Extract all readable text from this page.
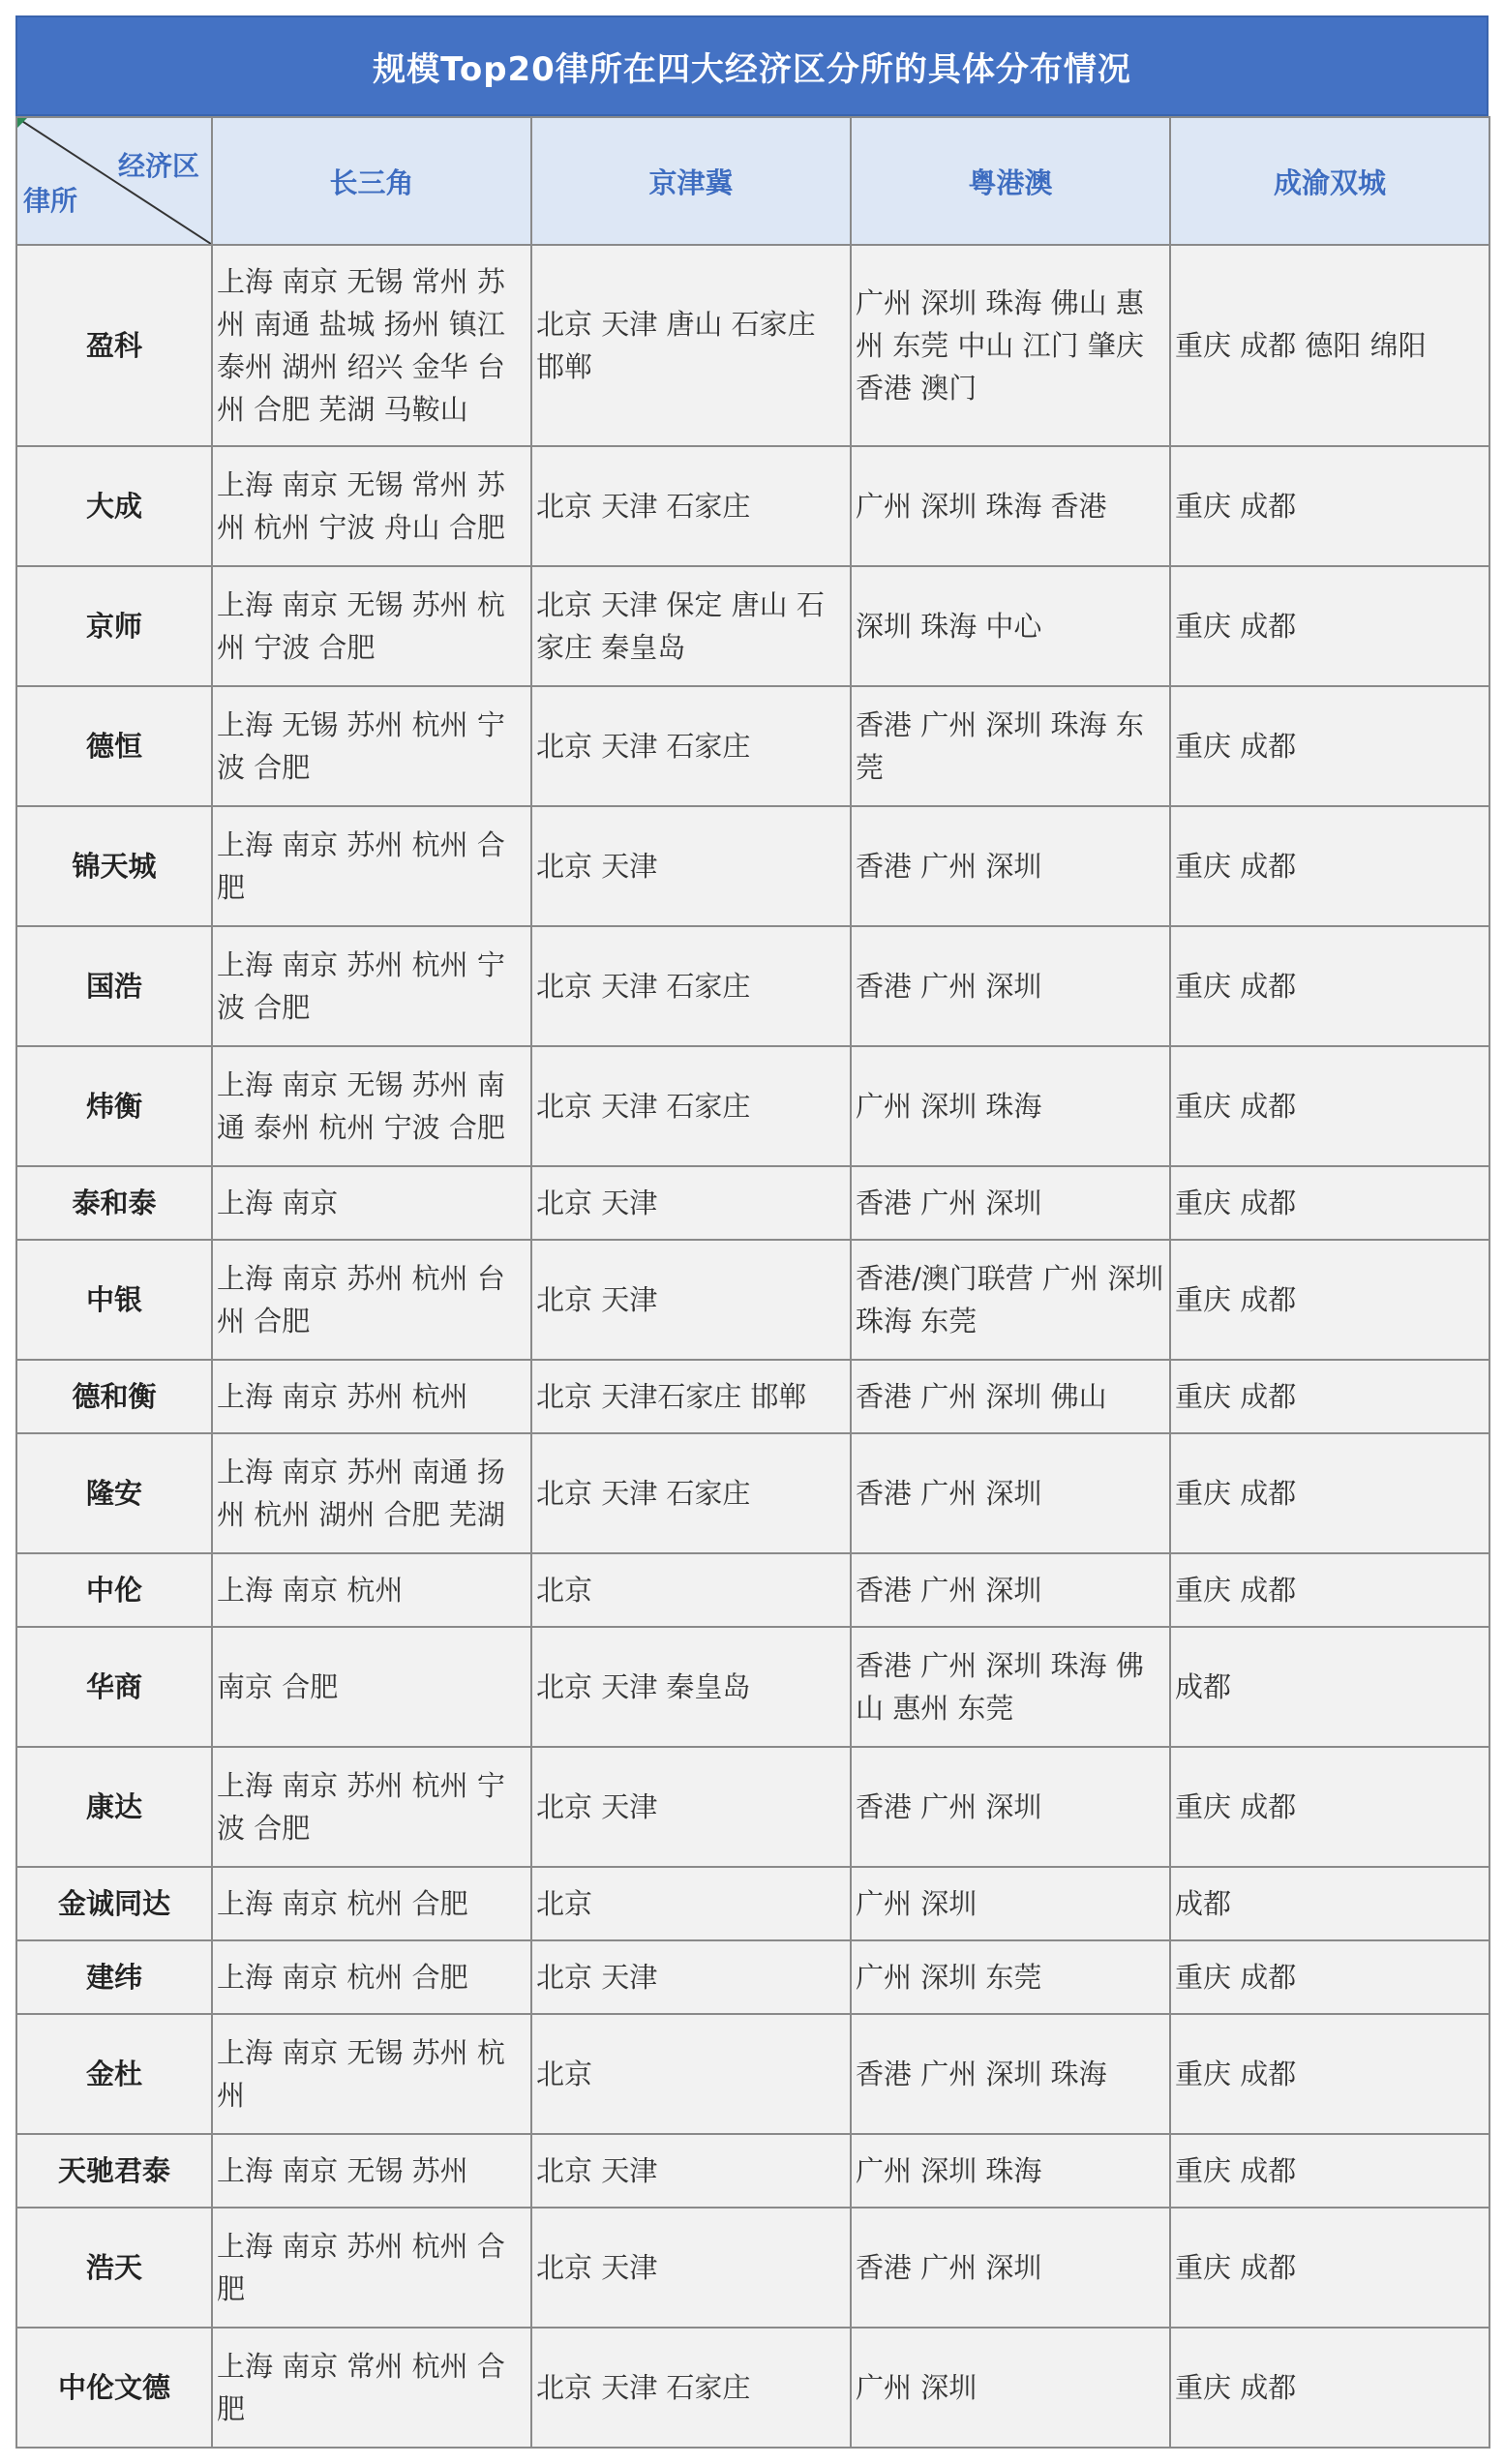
规模Top20律所在四大经济区分所的具体分布情况
经济区
律所	长三角	京津冀	粤港澳	成渝双城
盈科	上海 南京 无锡 常州 苏州 南通 盐城 扬州 镇江 泰州 湖州 绍兴 金华 台州 合肥 芜湖 马鞍山	北京 天津 唐山 石家庄 邯郸	广州 深圳 珠海 佛山 惠州 东莞 中山 江门 肇庆 香港 澳门	重庆 成都 德阳 绵阳
大成	上海 南京 无锡 常州 苏州 杭州 宁波 舟山 合肥	北京 天津 石家庄	广州 深圳 珠海 香港	重庆 成都
京师	上海 南京 无锡 苏州 杭州 宁波 合肥	北京 天津 保定 唐山 石家庄 秦皇岛	深圳 珠海 中心	重庆 成都
德恒	上海 无锡 苏州 杭州 宁波 合肥	北京 天津 石家庄	香港 广州 深圳 珠海 东莞	重庆 成都
锦天城	上海 南京 苏州 杭州 合肥	北京 天津	香港 广州 深圳	重庆 成都
国浩	上海 南京 苏州 杭州 宁波 合肥	北京 天津 石家庄	香港 广州 深圳	重庆 成都
炜衡	上海 南京 无锡 苏州 南通 泰州 杭州 宁波 合肥	北京 天津 石家庄	广州 深圳 珠海	重庆 成都
泰和泰	上海 南京	北京 天津	香港 广州 深圳	重庆 成都
中银	上海 南京 苏州 杭州 台州 合肥	北京 天津	香港/澳门联营 广州 深圳 珠海 东莞	重庆 成都
德和衡	上海 南京 苏州 杭州	北京 天津石家庄 邯郸	香港 广州 深圳 佛山	重庆 成都
隆安	上海 南京 苏州 南通 扬州 杭州 湖州 合肥 芜湖	北京 天津 石家庄	香港 广州 深圳	重庆 成都
中伦	上海 南京 杭州	北京	香港 广州 深圳	重庆 成都
华商	南京 合肥	北京 天津 秦皇岛	香港 广州 深圳 珠海 佛山 惠州 东莞	成都
康达	上海 南京 苏州 杭州 宁波 合肥	北京 天津	香港 广州 深圳	重庆 成都
金诚同达	上海 南京 杭州 合肥	北京	广州 深圳	成都
建纬	上海 南京 杭州 合肥	北京 天津	广州 深圳 东莞	重庆 成都
金杜	上海 南京 无锡 苏州 杭州	北京	香港 广州 深圳 珠海	重庆 成都
天驰君泰	上海 南京 无锡 苏州	北京 天津	广州 深圳 珠海	重庆 成都
浩天	上海 南京 苏州 杭州 合肥	北京 天津	香港 广州 深圳	重庆 成都
中伦文德	上海 南京 常州 杭州 合肥	北京 天津 石家庄	广州 深圳	重庆 成都
